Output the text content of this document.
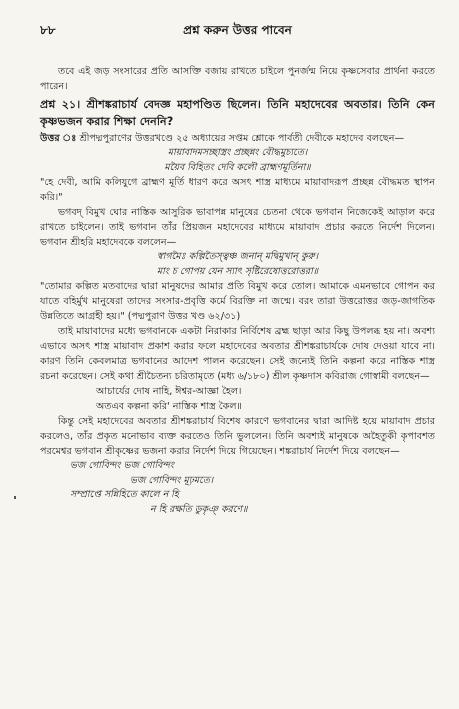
৮৮	প্রশ্ন করুন উত্তর পাবেন

তবে এই জড় সংসারের প্রতি আসক্তি বজায় রাখতে চাইলে পুনর্জন্ম নিয়ে কৃষ্ণসেবার প্রার্থনা করতে পারেন।

প্রশ্ন ২১। শ্রীশঙ্করাচার্য বেদজ্ঞ মহাপণ্ডিত ছিলেন। তিনি মহাদেবের অবতার। তিনি কেন কৃষ্ণভজন করার শিক্ষা দেননি?

উত্তর ঃ শ্রীপদ্মপুরাণের উত্তরখণ্ডে ২৫ অধ্যায়ের সপ্তম শ্লোকে পার্বতী দেবীকে মহাদেব বলছেন—

মায়াবাদমসচ্ছাস্ত্রং প্রচ্ছন্নং বৌদ্ধমুচ্যতে।

ময়ৈব বিহিতং দেবি কলৌ ব্রাহ্মণমূর্তিনা॥

"হে দেবী, আমি কলিযুগে ব্রাহ্মণ মূর্তি ধারণ করে অসৎ শাস্ত্র মাধ্যমে মায়াবাদরূপ প্রচ্ছন্ন বৌদ্ধমত স্থাপন করি।"

ভগবদ্‌ বিমুখ ঘোর নাস্তিক আসুরিক ভাবাপন্ন মানুষের চেতনা থেকে ভগবান নিজেকেই আড়াল করে রাখতে চাইলেন। তাই ভগবান তাঁর প্রিয়জন মহাদেবের মাধ্যমে মায়াবাদ প্রচার করতে নির্দেশ দিলেন। ভগবান শ্রীহরি মহাদেবকে বললেন—

স্বাগমৈঃ কল্পিতৈস্ত্বঞ্চ জনান্‌ মদ্বিমুখান্‌ কুরু।

মাং চ গোপয় যেন স্যাৎ সৃষ্টিরেষোত্তরোত্তরা॥

"তোমার কল্পিত মতবাদের দ্বারা মানুষদের আমার প্রতি বিমুখ করে তোল। আমাকে এমনভাবে গোপন কর যাতে বহির্মুখ মানুষেরা তাদের সংসার-প্রবৃত্তি কর্মে বিরক্তি না জন্মে। বরং তারা উত্তরোত্তর জড়-জাগতিক উন্নতিতে আগ্রহী হয়।" (পদ্মপুরাণ উত্তর খণ্ড ৬২/৩১)

তাই মায়াবাদের মধ্যে ভগবানকে একটা নিরাকার নির্বিশেষ ব্রহ্ম ছাড়া আর কিছু উপলব্ধ হয় না। অবশ্য এভাবে অসৎ শাস্ত্র মায়াবাদ প্রকাশ করার ফলে মহাদেবের অবতার শ্রীশঙ্করাচার্যকে দোষ দেওয়া যাবে না। কারণ তিনি কেবলমাত্র ভগবানের আদেশ পালন করেছেন। সেই জন্যেই তিনি কল্পনা করে নাস্তিক শাস্ত্র রচনা করেছেন। সেই কথা শ্রীচৈতন্য চরিতামৃতে (মধ্য ৬/১৮০) শ্রীল কৃষ্ণদাস কবিরাজ গোস্বামী বলছেন—

আচার্যের দোষ নাহি, ঈশ্বর-আজ্ঞা হৈল।

অতএব কল্পনা করি' নাস্তিক শাস্ত্র কৈল॥

কিন্তু সেই মহাদেবের অবতার শ্রীশঙ্করাচার্য বিশেষ কারণে ভগবানের দ্বারা আদিষ্ট হয়ে মায়াবাদ প্রচার করলেও, তাঁর প্রকৃত মনোভাব ব্যক্ত করতেও তিনি ভুললেন। তিনি অবশ্যই মানুষকে অহৈতুকী কৃপাবশত পরমেশ্বর ভগবান শ্রীকৃষ্ণের ভজনা করার নির্দেশ দিয়ে গিয়েছেন। শঙ্করাচার্য নির্দেশ দিয়ে বলছেন—

ভজ গোবিন্দং ভজ গোবিন্দং

ভজ গোবিন্দং মূঢ়মতে।

সম্প্রাপ্তে সন্নিহিতে কালে ন হি

ন হি রক্ষতি ডুকৃঞ্ করণে॥
